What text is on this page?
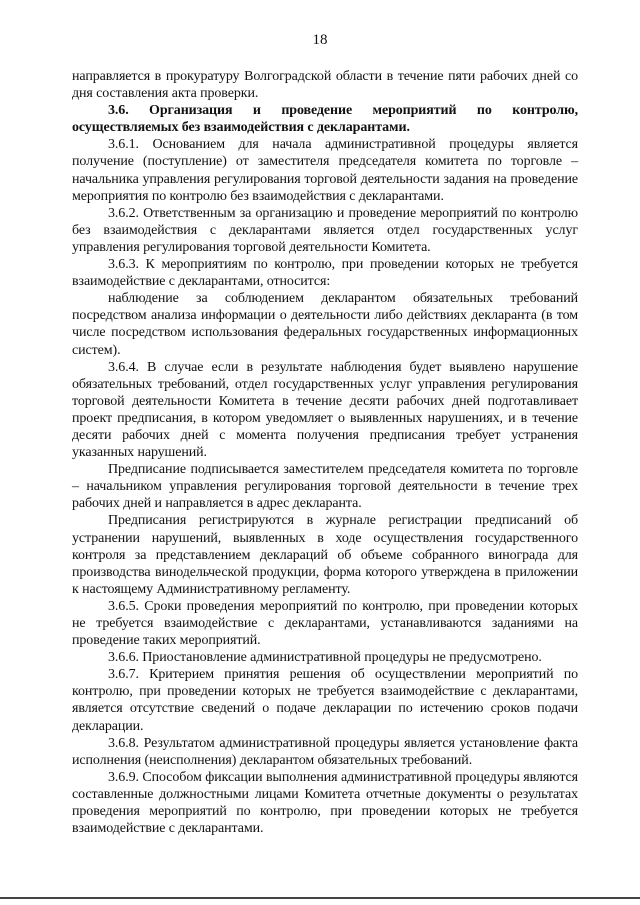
18

направляется в прокуратуру Волгоградской области в течение пяти рабочих дней со дня составления акта проверки.

3.6. Организация и проведение мероприятий по контролю, осуществляемых без взаимодействия с декларантами.

3.6.1. Основанием для начала административной процедуры является получение (поступление) от заместителя председателя комитета по торговле – начальника управления регулирования торговой деятельности задания на проведение мероприятия по контролю без взаимодействия с декларантами.

3.6.2. Ответственным за организацию и проведение мероприятий по контролю без взаимодействия с декларантами является отдел государственных услуг управления регулирования торговой деятельности Комитета.

3.6.3. К мероприятиям по контролю, при проведении которых не требуется взаимодействие с декларантами, относится:

наблюдение за соблюдением декларантом обязательных требований посредством анализа информации о деятельности либо действиях декларанта (в том числе посредством использования федеральных государственных информационных систем).

3.6.4. В случае если в результате наблюдения будет выявлено нарушение обязательных требований, отдел государственных услуг управления регулирования торговой деятельности Комитета в течение десяти рабочих дней подготавливает проект предписания, в котором уведомляет о выявленных нарушениях, и в течение десяти рабочих дней с момента получения предписания требует устранения указанных нарушений.

Предписание подписывается заместителем председателя комитета по торговле – начальником управления регулирования торговой деятельности в течение трех рабочих дней и направляется в адрес декларанта.

Предписания регистрируются в журнале регистрации предписаний об устранении нарушений, выявленных в ходе осуществления государственного контроля за представлением деклараций об объеме собранного винограда для производства винодельческой продукции, форма которого утверждена в приложении к настоящему Административному регламенту.

3.6.5. Сроки проведения мероприятий по контролю, при проведении которых не требуется взаимодействие с декларантами, устанавливаются заданиями на проведение таких мероприятий.

3.6.6. Приостановление административной процедуры не предусмотрено.

3.6.7. Критерием принятия решения об осуществлении мероприятий по контролю, при проведении которых не требуется взаимодействие с декларантами, является отсутствие сведений о подаче декларации по истечению сроков подачи декларации.

3.6.8. Результатом административной процедуры является установление факта исполнения (неисполнения) декларантом обязательных требований.

3.6.9. Способом фиксации выполнения административной процедуры являются составленные должностными лицами Комитета отчетные документы о результатах проведения мероприятий по контролю, при проведении которых не требуется взаимодействие с декларантами.
